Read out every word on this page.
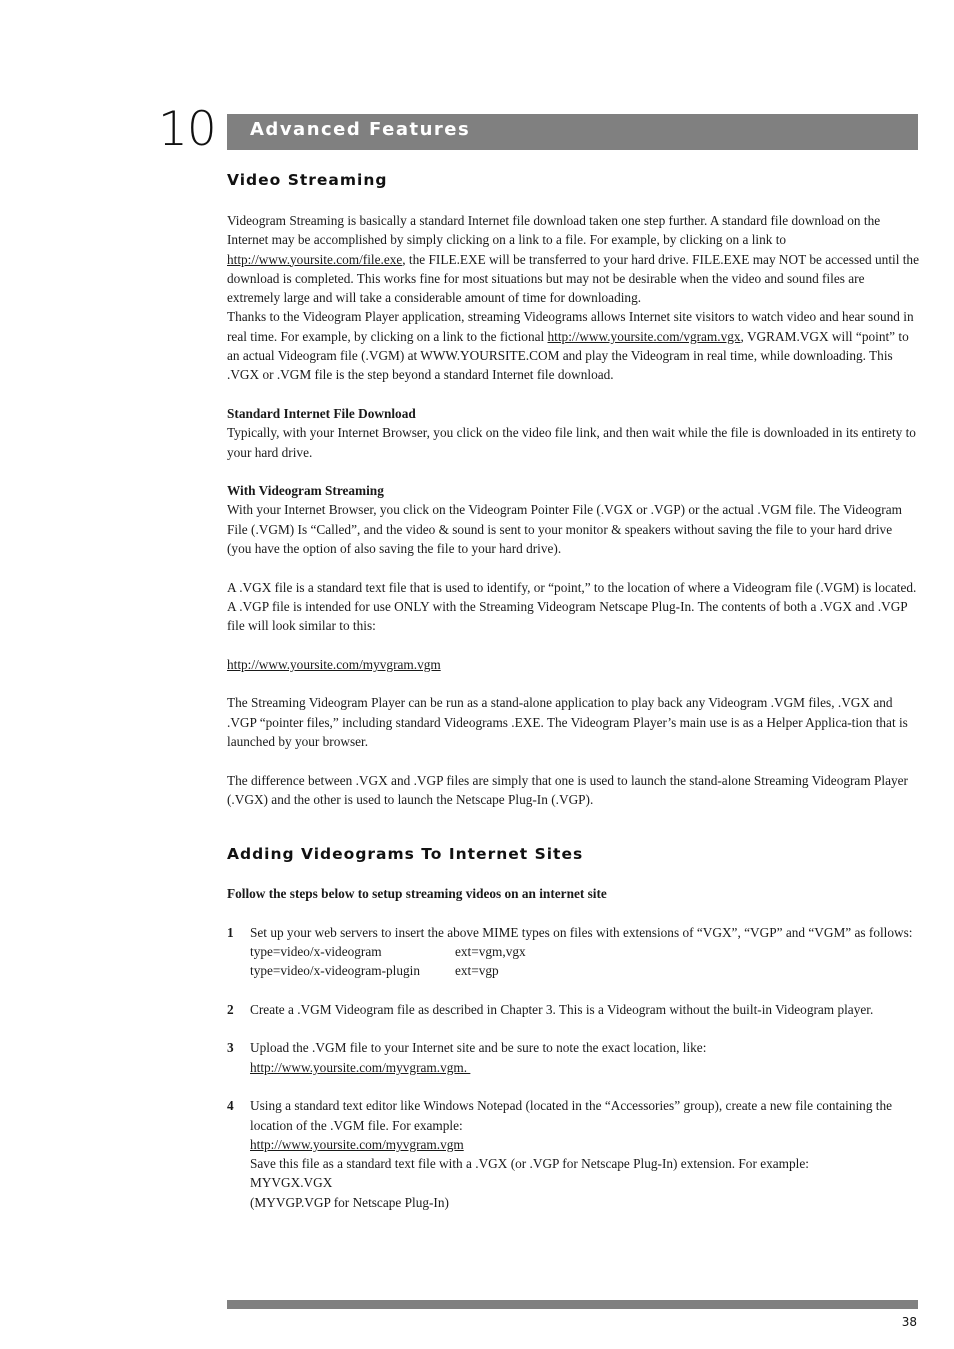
10 Advanced Features
Video Streaming

Videogram Streaming is basically a standard Internet file download taken one step further. A standard file download on the Internet may be accomplished by simply clicking on a link to a file. For example, by clicking on a link to http://www.yoursite.com/file.exe, the FILE.EXE will be transferred to your hard drive. FILE.EXE may NOT be accessed until the download is completed. This works fine for most situations but may not be desirable when the video and sound files are extremely large and will take a considerable amount of time for downloading.

Thanks to the Videogram Player application, streaming Videograms allows Internet site visitors to watch video and hear sound in real time. For example, by clicking on a link to the fictional http://www.yoursite.com/vgram.vgx, VGRAM.VGX will “point” to an actual Videogram file (.VGM) at WWW.YOURSITE.COM and play the Videogram in real time, while downloading. This .VGX or .VGM file is the step beyond a standard Internet file download.

Standard Internet File Download

Typically, with your Internet Browser, you click on the video file link, and then wait while the file is downloaded in its entirety to your hard drive.

With Videogram Streaming

With your Internet Browser, you click on the Videogram Pointer File (.VGX or .VGP) or the actual .VGM file. The Videogram File (.VGM) Is “Called”, and the video & sound is sent to your monitor & speakers without saving the file to your hard drive (you have the option of also saving the file to your hard drive).

A .VGX file is a standard text file that is used to identify, or “point,” to the location of where a Videogram file (.VGM) is located. A .VGP file is intended for use ONLY with the Streaming Videogram Netscape Plug-In. The contents of both a .VGX and .VGP file will look similar to this:

http://www.yoursite.com/myvgram.vgm

The Streaming Videogram Player can be run as a stand-alone application to play back any Videogram .VGM files, .VGX and .VGP “pointer files,” including standard Videograms .EXE. The Videogram Player’s main use is as a Helper Applica-tion that is launched by your browser.

The difference between .VGX and .VGP files are simply that one is used to launch the stand-alone Streaming Videogram Player (.VGX) and the other is used to launch the Netscape Plug-In (.VGP).

Adding Videograms To Internet Sites

Follow the steps below to setup streaming videos on an internet site

1 Set up your web servers to insert the above MIME types on files with extensions of “VGX”, “VGP” and “VGM” as follows:

type=video/x-videogram	ext=vgm,vgx
type=video/x-videogram-plugin	ext=vgp
2 Create a .VGM Videogram file as described in Chapter 3. This is a Videogram without the built-in Videogram player.

3 Upload the .VGM file to your Internet site and be sure to note the exact location, like:

http://www.yoursite.com/myvgram.vgm.

4 Using a standard text editor like Windows Notepad (located in the “Accessories” group), create a new file containing the location of the .VGM file. For example:

http://www.yoursite.com/myvgram.vgm

Save this file as a standard text file with a .VGX (or .VGP for Netscape Plug-In) extension. For example:

MYVGX.VGX

(MYVGP.VGP for Netscape Plug-In)

38
